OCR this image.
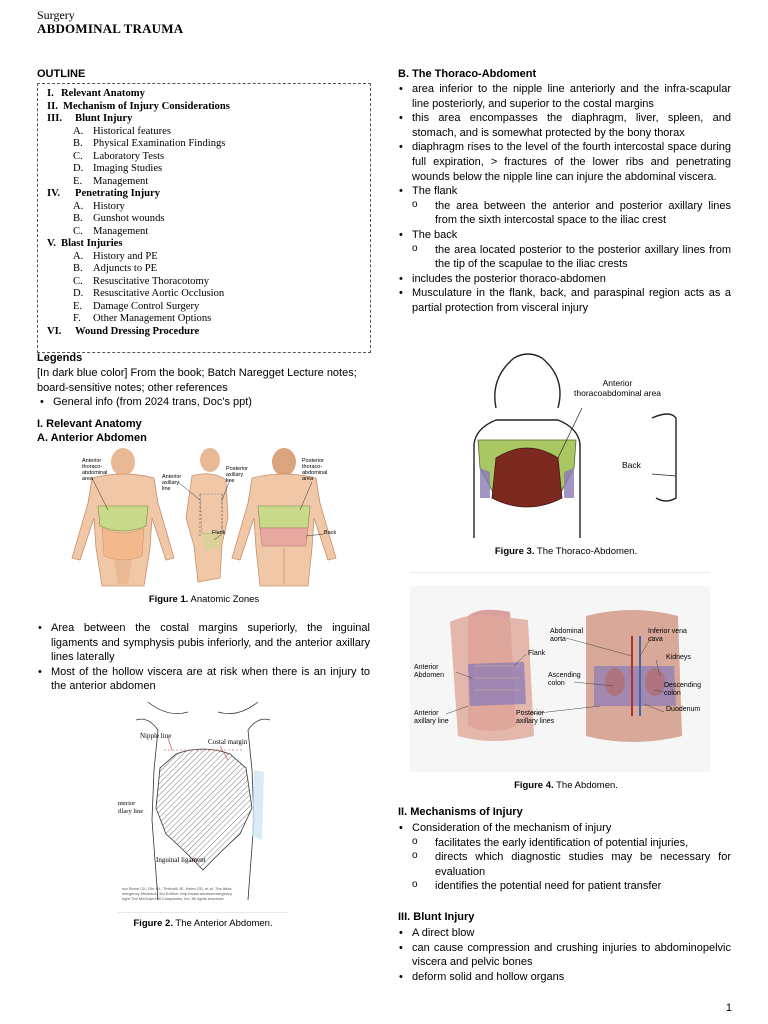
Surgery
ABDOMINAL TRAUMA
OUTLINE
I. Relevant Anatomy
II. Mechanism of Injury Considerations
III. Blunt Injury
A. Historical features
B. Physical Examination Findings
C. Laboratory Tests
D. Imaging Studies
E. Management
IV. Penetrating Injury
A. History
B. Gunshot wounds
C. Management
V. Blast Injuries
A. History and PE
B. Adjuncts to PE
C. Resuscitative Thoracotomy
D. Resuscitative Aortic Occlusion
E. Damage Control Surgery
F. Other Management Options
VI. Wound Dressing Procedure
Legends
[In dark blue color] From the book; Batch Naregget Lecture notes; board-sensitive notes; other references
• General info (from 2024 trans, Doc's ppt)
I. Relevant Anatomy
A. Anterior Abdomen
Anterior
thoraco-
abdominal
area	Anterior
axillary
line
Posterior
axillary
line
Posterior
thoraco-
abdominal
area
Flank	Back
Figure 1. Anatomic Zones
• Area between the costal margins superiorly, the inguinal ligaments and symphysis pubis inferiorly, and the anterior axillary lines laterally
• Most of the hollow viscera are at risk when there is an injury to the anterior abdomen
Nipple line
Costal margin
nterior
illary line
Inguinal ligament
ma Stone CK, Ohr RL, Tintinalli JE, Kelen GD, et al. The Atlas
mergency Medicine, 3rd Edition: http://www.accessemergency
right The McGraw-Hill Companies, Inc. All rights reserved.
Figure 2. The Anterior Abdomen.
B. The Thoraco-Abdoment
• area inferior to the nipple line anteriorly and the infra-scapular line posteriorly, and superior to the costal margins
• this area encompasses the diaphragm, liver, spleen, and stomach, and is somewhat protected by the bony thorax
• diaphragm rises to the level of the fourth intercostal space during full expiration, > fractures of the lower ribs and penetrating wounds below the nipple line can injure the abdominal viscera.
• The flank
o the area between the anterior and posterior axillary lines from the sixth intercostal space to the iliac crest
• The back
o the area located posterior to the posterior axillary lines from the tip of the scapulae to the iliac crests
• includes the posterior thoraco-abdomen
• Musculature in the flank, back, and paraspinal region acts as a partial protection from visceral injury
Anterior
thoracoabdominal area
Back
Figure 3. The Thoraco-Abdomen.
Abdominal
aorta
Inferior vena
cava
Flank
Kidneys
Anterior
Abdomen	Ascending
colon	Descending
colon
Duodenum
Anterior
axillary line
Posterior
axillary lines
Figure 4. The Abdomen.
II. Mechanisms of Injury
• Consideration of the mechanism of injury
o facilitates the early identification of potential injuries,
o directs which diagnostic studies may be necessary for evaluation
o identifies the potential need for patient transfer
III. Blunt Injury
• A direct blow
• can cause compression and crushing injuries to abdominopelvic viscera and pelvic bones
• deform solid and hollow organs
1
